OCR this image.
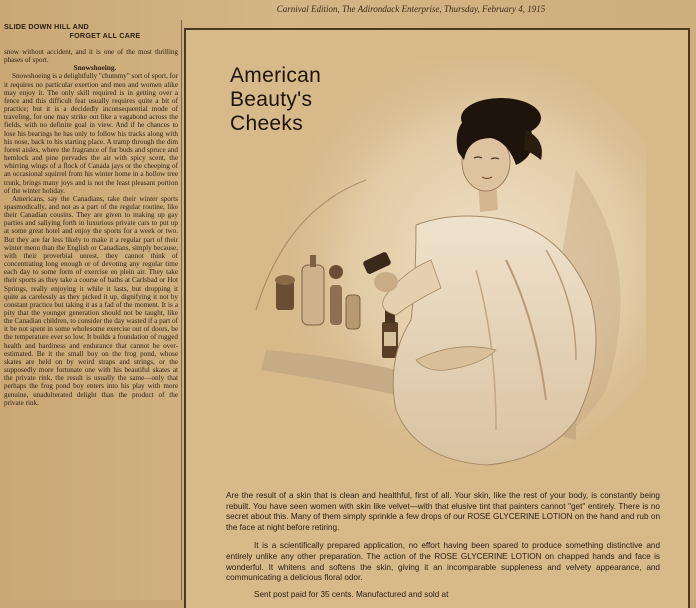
Carnival Edition, The Adirondack Enterprise, Thursday, February 4, 1915
SLIDE DOWN HILL AND
FORGET ALL CARE

snow without accident, and it is one of the most thrilling phases of sport.

Snowshoeing.

Snowshoeing is a delightfully "chummy" sort of sport, for it requires no particular exertion and men and women alike may enjoy it. The only skill required is in getting over a fence and this difficult feat usually requires quite a bit of practice; but it is a decidedly inconsequential mode of traveling, for one may strike out like a vagabond across the fields, with no definite goal in view. And if he chances to lose his bearings he has only to follow his tracks along with his nose, back to his starting place. A tramp through the dim forest aisles, where the fragrance of fur buds and spruce and hemlock and pine pervades the air with spicy scent, the whirring wings of a flock of Canada jays or the cheeping of an occasional squirrel from his winter home in a hollow tree trunk, brings many joys and is not the least pleasant portion of the winter holiday.

Americans, say the Canadians, take their winter sports spasmodically, and not as a part of the regular routine, like their Canadian cousins. They are given to making up gay parties and sallying forth in luxurious private cars to put up at some great hotel and enjoy the sports for a week or two. But they are far less likely to make it a regular part of their winter menu than the English or Canadians, simply because, with their proverbial unrest, they cannot think of concentrating long enough or of devoting any regular time each day to some form of exercise en plein air. They take their sports as they take a course of baths at Carlsbad or Hot Springs, really enjoying it while it lasts, but dropping it quite as carelessly as they picked it up, dignifying it not by constant practice but taking it as a fad of the moment. It is a pity that the younger generation should not be taught, like the Canadian children, to consider the day wasted if a part of it be not spent in some wholesome exercise out of doors, be the temperature ever so low. It builds a foundation of rugged health and hardiness and endurance that cannot be over-estimated. Be it the small boy on the frog pond, whose skates are held on by weird straps and strings, or the supposedly more fortunate one with his beautiful skates at the private rink, the result is usually the same—only that perhaps the frog pond boy enters into his play with more genuine, unadulterated delight than the product of the private rink.

American
Beauty's
Cheeks

Are the result of a skin that is clean and healthful, first of all. Your skin, like the rest of your body, is constantly being rebuilt. You have seen women with skin like velvet—with that elusive tint that painters cannot "get" entirely. There is no secret about this. Many of them simply sprinkle a few drops of our ROSE GLYCERINE LOTION on the hand and rub on the face at night before retiring.

It is a scientifically prepared application, no effort having been spared to produce something distinctive and entirely unlike any other preparation. The action of the ROSE GLYCERINE LOTION on chapped hands and face is wonderful. It whitens and softens the skin, giving it an incomparable suppleness and velvety appearance, and communicating a delicious floral odor.

Sent post paid for 35 cents. Manufactured and sold at
